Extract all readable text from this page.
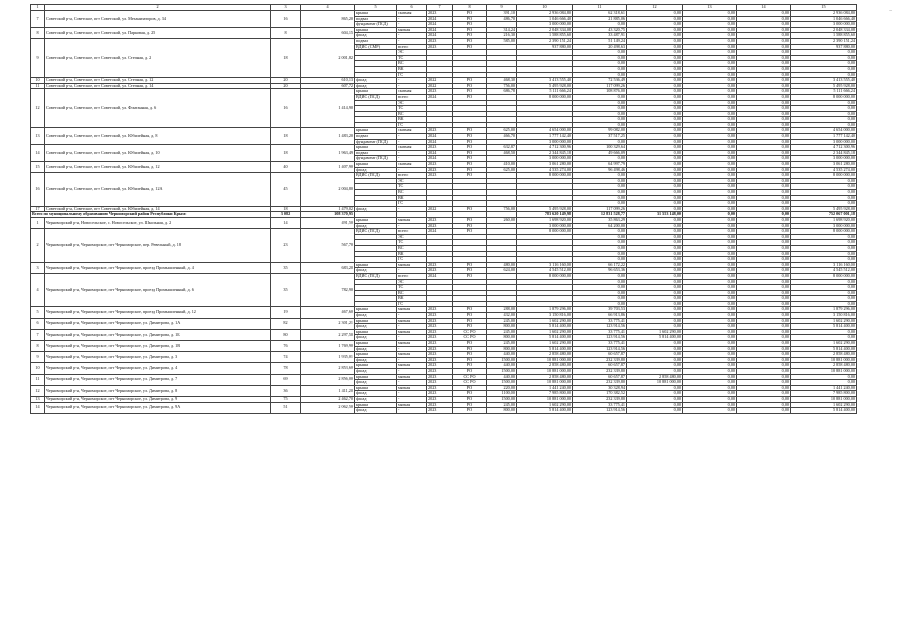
–
1	2	3	4	5	6	7	8	9	10	11	12	13	14	15
7	Советский р-н, Советское, пгт Советский, ул. Механизаторов, д. 34	16	865,20	крыша	скатная	2023	РО	391,10	2 936 084,80	62 318,61	0,00	0,00	0,00	2 936 084,80
				подвал	-	2024	РО	486,70	1 046 666,40	21 885,06	0,00	0,00	0,00	1 046 666,40
				фундамент (ПСД)	-	2024	РО		3 000 000,00	0,00	0,00	0,00	0,00	3 000 000,00
8	Советский р-н, Советское, пгт Советский, ул. Парковая, д. 25	8	604,15	крыша	мягкая	2024	РО	314,24	2 048 334,08	43 320,75	0,00	0,00	0,00	2 048 334,08
				фасад	-	2024	РО	216,30	1 588 855,60	33 487,91	0,00	0,00	0,00	1 588 855,60
9	Советский р-н, Советское, пгт Советский, ул. Степная, д. 2	18	2 001,82	подвал	-	2023	РО	585,00	2 390 151,24	51 149,24	0,00	0,00	0,00	2 390 151,24
				ВДИС (СМР)	всего:	2023	РО		937 880,00	20 498,63	0,00	0,00	0,00	937 880,00
					ЭС					0,00	0,00	0,00	0,00	0,00
					ТС					0,00	0,00	0,00	0,00	0,00
					ВС					0,00	0,00	0,00	0,00	0,00
					ВК					0,00	0,00	0,00	0,00	0,00
					ГС					0,00	0,00	0,00	0,00	0,00
10	Советский р-н, Советское, пгт Советский, ул. Степная, д. 12	20	610,13	фасад	-	2022	РО	468,30	3 413 555,40	72 536,49	0,00	0,00	0,00	3 413 555,40
11	Советский р-н, Советское, пгт Советский, ул. Степная, д. 14	20	607,72	фасад	-	2022	РО	756,00	5 495 928,00	117 099,26	0,00	0,00	0,00	5 495 928,00
12	Советский р-н, Советское, пгт Советский, ул. Фонтанная, д. 6	16	1 414,90	крыша	скатная	2023	РО	686,78	5 111 666,24	108 876,00	0,00	0,00	0,00	5 111 666,24
				ВДИС (ПСД)	всего:	2024	РО		8 000 000,00	0,00	0,00	0,00	0,00	8 000 000,00
					ЭС					0,00	0,00	0,00	0,00	0,00
					ТС					0,00	0,00	0,00	0,00	0,00
					ВС					0,00	0,00	0,00	0,00	0,00
					ВК					0,00	0,00	0,00	0,00	0,00
					ГС					0,00	0,00	0,00	0,00	0,00
13	Советский р-н, Советское, пгт Советский, ул. Юбилейная, д. 8	18	1 483,20	крыша	скатная	2023	РО	625,00	4 654 000,00	99 082,00	0,00	0,00	0,00	4 654 000,00
				подвал	-	2024	РО	466,70	1 777 142,40	37 517,25	0,00	0,00	0,00	1 777 142,40
				фундамент (ПСД)	-	2024	РО		3 000 000,00	0,00	0,00	0,00	0,00	3 000 000,00
14	Советский р-н, Советское, пгт Советский, ул. Юбилейная, д. 10	18	1 963,49	крыша	скатная	2023	РО	632,87	4 712 300,96	100 329,64	0,00	0,00	0,00	4 712 300,96
				подвал	-	2024	РО	468,50	2 344 845,18	49 666,09	0,00	0,00	0,00	2 344 845,18
				фундамент (ПСД)	-	2024	РО		3 000 000,00	0,00	0,00	0,00	0,00	3 000 000,00
15	Советский р-н, Советское, пгт Советский, ул. Юбилейная, д. 12	40	1 407,90	крыша	скатная	2023	РО	410,00	3 061 280,00	64 997,79	0,00	0,00	0,00	3 061 280,00
				фасад	-	2023	РО	625,00	4 535 274,00	96 498,46	0,00	0,00	0,00	4 535 274,00
16	Советский р-н, Советское, пгт Советский, ул. Юбилейная, д. 12А	45	2 004,80	ВДИС (ПСД)	всего:	2023	РО		8 000 000,00	0,00	0,00	0,00	0,00	8 000 000,00
					ЭС					0,00	0,00	0,00	0,00	0,00
					ТС					0,00	0,00	0,00	0,00	0,00
					ВС					0,00	0,00	0,00	0,00	0,00
					ВК					0,00	0,00	0,00	0,00	0,00
					ГС					0,00	0,00	0,00	0,00	0,00
17	Советский р-н, Советское, пгт Советский, ул. Юбилейная, д. 14	18	1 479,02	фасад	-	2022	РО	756,00	5 495 928,00	117 099,26	0,00	0,00	0,00	5 495 928,00
Всего по муниципальному образованию Черноморский район Республики Крым:		3 082	108 370,95						783 620 149,98	12 831 528,77	31 553 148,00	0,00	0,00	752 067 001,18
1	Черноморский р-н, Новосельское, с. Новосельское, ул. Школьная, д. 2	14	491,50	крыша	мягкая	2023	РО	260,00	1 698 920,00	35 863,29	0,00	0,00	0,00	1 698 920,00
				фасад	-	2023	РО		3 000 000,00	64 200,00	0,00	0,00	0,00	3 000 000,00
2	Черноморский р-н, Черноморское, пгт Черноморское, пер. Ревельный, д. 18	23	567,70	ВДИС (ПСД)	всего:	2024	РО		8 000 000,00	0,00	0,00	0,00	0,00	8 000 000,00
					ЭС					0,00	0,00	0,00	0,00	0,00
					ТС					0,00	0,00	0,00	0,00	0,00
					ВС					0,00	0,00	0,00	0,00	0,00
					ВК					0,00	0,00	0,00	0,00	0,00
					ГС					0,00	0,00	0,00	0,00	0,00
3	Черноморский р-н, Черноморское, пгт Черноморское, проезд Промышленный, д. 4	35	683,20	крыша	мягкая	2023	РО	480,00	3 116 160,00	66 172,22	0,00	0,00	0,00	3 116 160,00
				фасад	-	2023	РО	624,00	4 545 512,00	96 653,36	0,00	0,00	0,00	4 545 512,00
4	Черноморский р-н, Черноморское, пгт Черноморское, проезд Промышленный, д. 6	35	782,90	ВДИС (ПСД)	всего:	2024	РО		8 000 000,00	0,00	0,00	0,00	0,00	8 000 000,00
					ЭС					0,00	0,00	0,00	0,00	0,00
					ТС					0,00	0,00	0,00	0,00	0,00
					ВС					0,00	0,00	0,00	0,00	0,00
					ВК					0,00	0,00	0,00	0,00	0,00
					ГС					0,00	0,00	0,00	0,00	0,00
5	Черноморский р-н, Черноморское, пгт Черноморское, проезд Промышленный, д. 12	19	467,60	крыша	мягкая	2023	РО	288,00	1 879 296,00	39 703,53	0,00	0,00	0,00	1 879 296,00
				фасад	-	2023	РО	432,00	3 150 816,00	66 913,86	0,00	0,00	0,00	3 150 816,00
6	Черноморский р-н, Черноморское, пгт Черноморское, ул. Димитрова, д. 1А	82	2 301,21	крыша	мягкая	2023	РО	245,00	1 602 290,00	33 775,41	0,00	0,00	0,00	1 602 290,00
				фасад	-	2023	РО	800,00	5 814 400,00	123 914,56	0,00	0,00	0,00	5 814 400,00
7	Черноморский р-н, Черноморское, пгт Черноморское, ул. Димитрова, д. 1Б	80	2 297,50	крыша	мягкая	2023	СС РО	245,00	1 602 290,00	33 775,41	1 602 290,00	0,00	0,00	0,00
				фасад	-	2023	СС РО	800,00	5 814 400,00	123 914,56	5 814 400,00	0,00	0,00	0,00
8	Черноморский р-н, Черноморское, пгт Черноморское, ул. Димитрова, д. 1В	76	1 769,90	крыша	мягкая	2023	РО	245,00	1 602 290,00	33 775,41	0,00	0,00	0,00	1 602 290,00
				фасад	-	2023	РО	800,00	5 814 400,00	123 914,56	0,00	0,00	0,00	5 814 400,00
9	Черноморский р-н, Черноморское, пгт Черноморское, ул. Димитрова, д. 3	74	1 935,01	крыша	мягкая	2023	РО	440,00	2 858 480,00	60 657,87	0,00	0,00	0,00	2 858 480,00
				фасад	-	2023	РО	1500,00	10 881 000,00	232 339,80	0,00	0,00	0,00	10 881 000,00
10	Черноморский р-н, Черноморское, пгт Черноморское, ул. Димитрова, д. 4	78	2 853,60	крыша	мягкая	2023	РО	440,00	2 858 480,00	60 657,87	0,00	0,00	0,00	2 858 480,00
				фасад	-	2023	РО	1500,00	10 881 000,00	232 339,80	0,00	0,00	0,00	10 881 000,00
11	Черноморский р-н, Черноморское, пгт Черноморское, ул. Димитрова, д. 7	69	2 856,00	крыша	мягкая	2023	СС РО	440,00	2 858 480,00	60 657,87	2 858 480,00	0,00	0,00	0,00
				фасад	-	2023	СС РО	1500,00	10 881 000,00	232 339,80	10 881 000,00	0,00	0,00	0,00
12	Черноморский р-н, Черноморское, пгт Черноморское, ул. Димитрова, д. 8	36	1 411,20	крыша	мягкая	2023	РО	220,00	1 441 240,00	30 328,94	0,00	0,00	0,00	1 441 240,00
				фасад	-	2023	РО	1100,00	7 985 800,00	170 382,52	0,00	0,00	0,00	7 985 800,00
13	Черноморский р-н, Черноморское, пгт Черноморское, ул. Димитрова, д. 9	75	2 462,70	фасад	-	2023	РО	1500,00	10 881 000,00	232 339,80	0,00	0,00	0,00	10 881 000,00
14	Черноморский р-н, Черноморское, пгт Черноморское, ул. Димитрова, д. 9А	51	2 062,50	крыша	мягкая	2023	РО	245,00	1 602 290,00	33 775,41	0,00	0,00	0,00	1 602 290,00
				фасад	-	2023	РО	800,00	5 814 400,00	123 914,56	0,00	0,00	0,00	5 814 400,00
